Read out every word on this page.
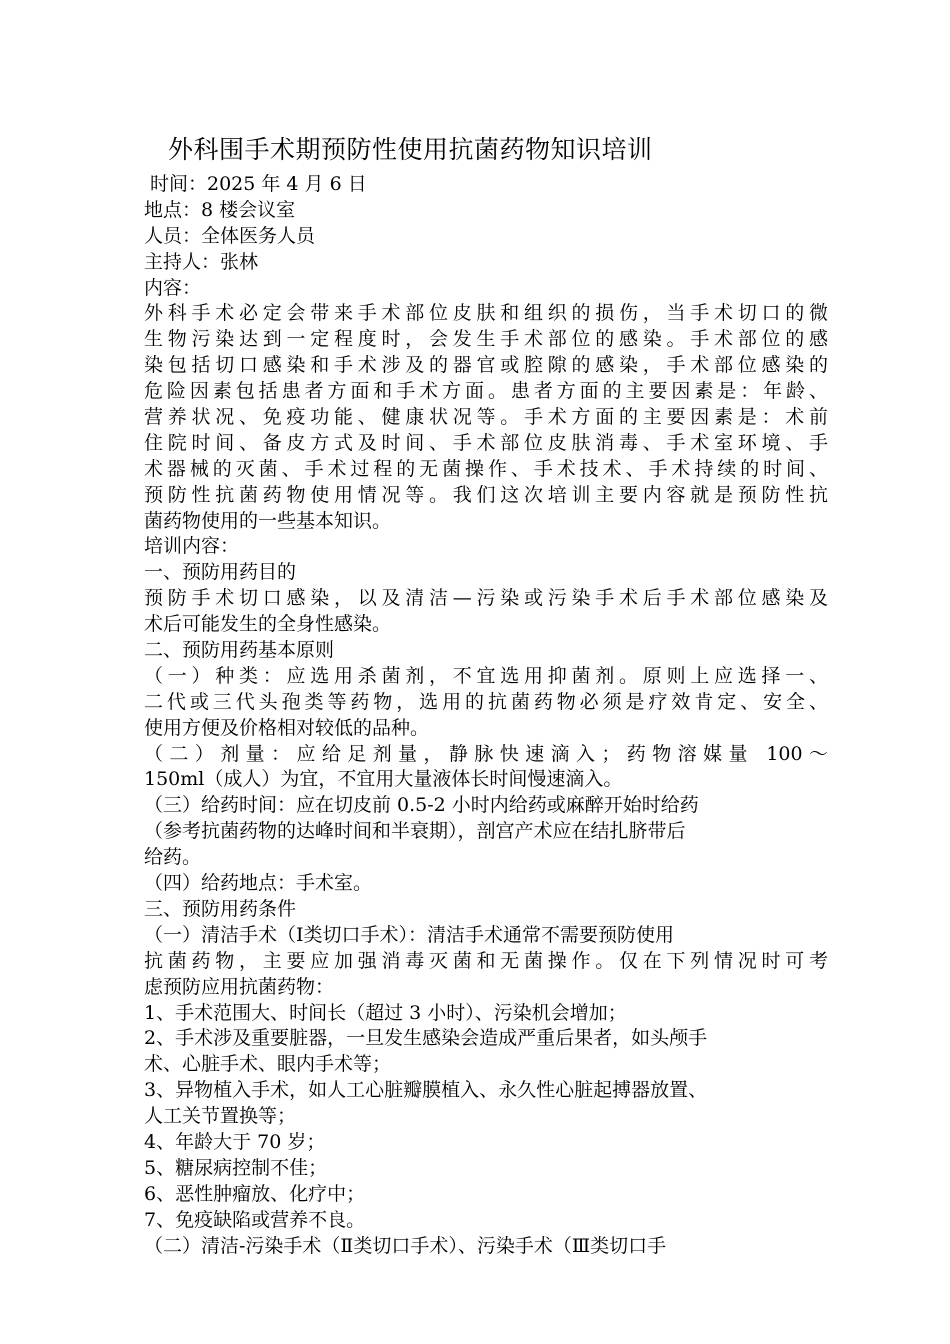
外科围手术期预防性使用抗菌药物知识培训
时间：2025 年 4 月 6 日
地点：8 楼会议室
人员：全体医务人员
主持人：张林
内容：
外科手术必定会带来手术部位皮肤和组织的损伤，当手术切口的微
生物污染达到一定程度时，会发生手术部位的感染。手术部位的感
染包括切口感染和手术涉及的器官或腔隙的感染，手术部位感染的
危险因素包括患者方面和手术方面。患者方面的主要因素是：年龄、
营养状况、免疫功能、健康状况等。手术方面的主要因素是：术前
住院时间、备皮方式及时间、手术部位皮肤消毒、手术室环境、手
术器械的灭菌、手术过程的无菌操作、手术技术、手术持续的时间、
预防性抗菌药物使用情况等。我们这次培训主要内容就是预防性抗
菌药物使用的一些基本知识。
培训内容：
一、预防用药目的
预防手术切口感染，以及清洁—污染或污染手术后手术部位感染及
术后可能发生的全身性感染。
二、预防用药基本原则
（一）种类：应选用杀菌剂，不宜选用抑菌剂。原则上应选择一、
二代或三代头孢类等药物，选用的抗菌药物必须是疗效肯定、安全、
使用方便及价格相对较低的品种。
（二）剂量：应给足剂量，静脉快速滴入；药物溶媒量 100～
150ml（成人）为宜，不宜用大量液体长时间慢速滴入。
（三）给药时间：应在切皮前 0.5-2 小时内给药或麻醉开始时给药
（参考抗菌药物的达峰时间和半衰期），剖宫产术应在结扎脐带后
给药。
（四）给药地点：手术室。
三、预防用药条件
（一）清洁手术（Ⅰ类切口手术）：清洁手术通常不需要预防使用
抗菌药物，主要应加强消毒灭菌和无菌操作。仅在下列情况时可考
虑预防应用抗菌药物：
1、手术范围大、时间长（超过 3 小时）、污染机会增加；
2、手术涉及重要脏器，一旦发生感染会造成严重后果者，如头颅手
术、心脏手术、眼内手术等；
3、异物植入手术，如人工心脏瓣膜植入、永久性心脏起搏器放置、
人工关节置换等；
4、年龄大于 70 岁；
5、糖尿病控制不佳；
6、恶性肿瘤放、化疗中；
7、免疫缺陷或营养不良。
（二）清洁-污染手术（Ⅱ类切口手术）、污染手术（Ⅲ类切口手
